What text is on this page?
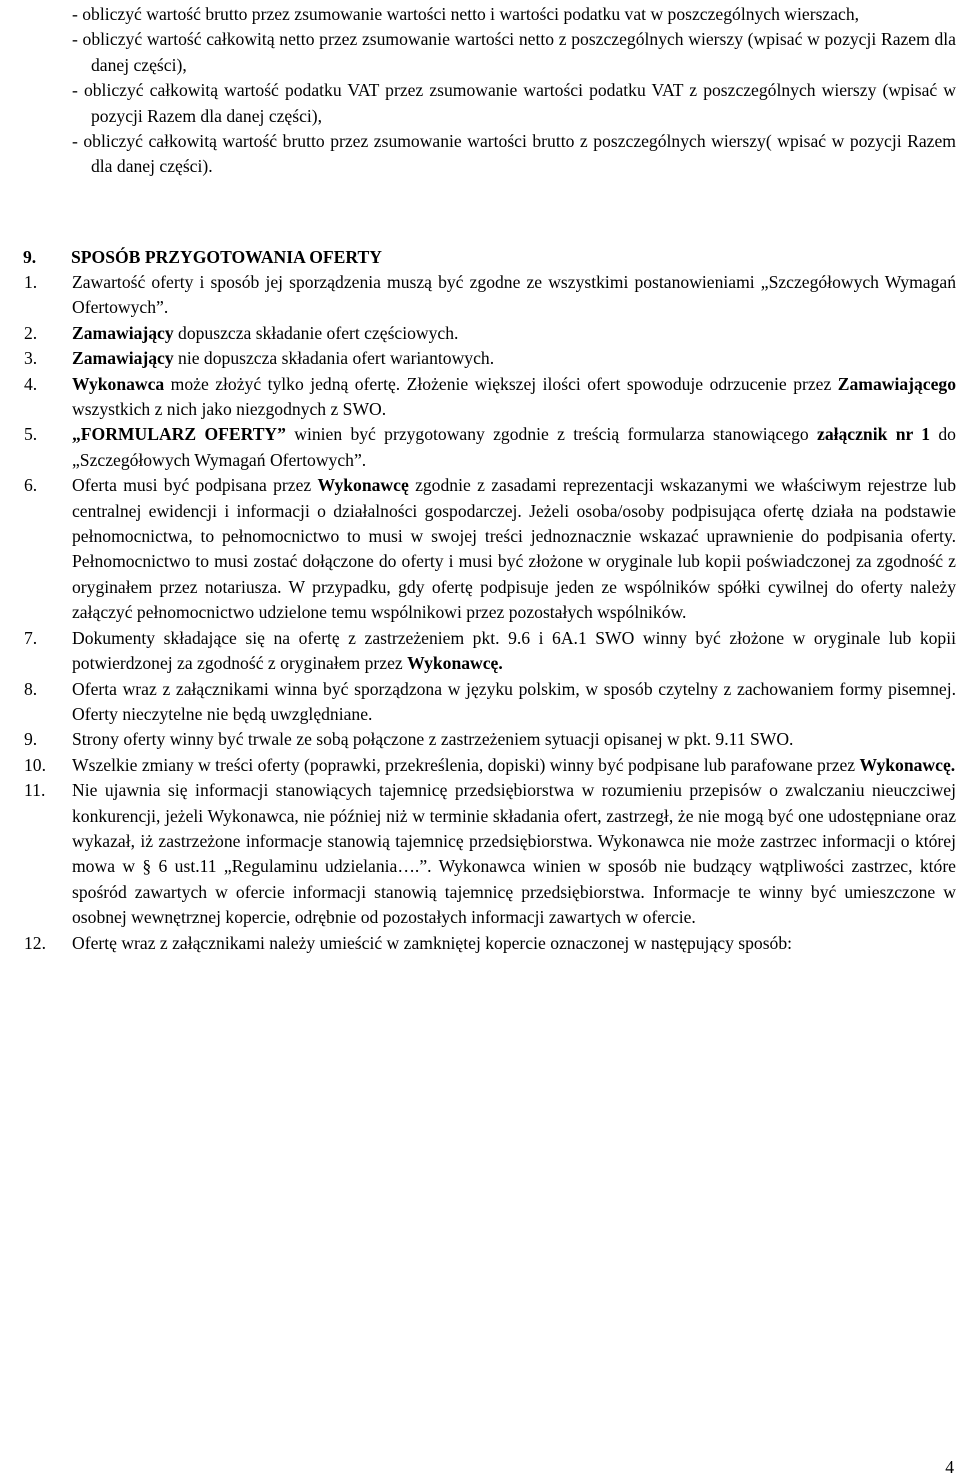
- obliczyć wartość brutto przez zsumowanie wartości netto i wartości podatku vat w poszczególnych wierszach,

- obliczyć wartość całkowitą netto przez zsumowanie wartości netto z poszczególnych wierszy (wpisać w pozycji Razem dla danej części),

- obliczyć całkowitą wartość podatku VAT przez zsumowanie wartości podatku VAT z poszczególnych wierszy (wpisać w pozycji Razem dla danej części),

- obliczyć całkowitą wartość brutto przez zsumowanie wartości brutto z poszczególnych wierszy( wpisać w pozycji Razem dla danej części).

9. SPOSÓB PRZYGOTOWANIA OFERTY

1. Zawartość oferty i sposób jej sporządzenia muszą być zgodne ze wszystkimi postanowieniami „Szczegółowych Wymagań Ofertowych”.

2. Zamawiający dopuszcza składanie ofert częściowych.

3. Zamawiający nie dopuszcza składania ofert wariantowych.

4. Wykonawca może złożyć tylko jedną ofertę. Złożenie większej ilości ofert spowoduje odrzucenie przez Zamawiającego wszystkich z nich jako niezgodnych z SWO.

5. „FORMULARZ OFERTY” winien być przygotowany zgodnie z treścią formularza stanowiącego załącznik nr 1 do „Szczegółowych Wymagań Ofertowych”.

6. Oferta musi być podpisana przez Wykonawcę zgodnie z zasadami reprezentacji wskazanymi we właściwym rejestrze lub centralnej ewidencji i informacji o działalności gospodarczej. Jeżeli osoba/osoby podpisująca ofertę działa na podstawie pełnomocnictwa, to pełnomocnictwo to musi w swojej treści jednoznacznie wskazać uprawnienie do podpisania oferty. Pełnomocnictwo to musi zostać dołączone do oferty i musi być złożone w oryginale lub kopii poświadczonej za zgodność z oryginałem przez notariusza. W przypadku, gdy ofertę podpisuje jeden ze wspólników spółki cywilnej do oferty należy załączyć pełnomocnictwo udzielone temu wspólnikowi przez pozostałych wspólników.

7. Dokumenty składające się na ofertę z zastrzeżeniem pkt. 9.6 i 6A.1 SWO winny być złożone w oryginale lub kopii potwierdzonej za zgodność z oryginałem przez Wykonawcę.

8. Oferta wraz z załącznikami winna być sporządzona w języku polskim, w sposób czytelny z zachowaniem formy pisemnej. Oferty nieczytelne nie będą uwzględniane.

9. Strony oferty winny być trwale ze sobą połączone z zastrzeżeniem sytuacji opisanej w pkt. 9.11 SWO.

10. Wszelkie zmiany w treści oferty (poprawki, przekreślenia, dopiski) winny być podpisane lub parafowane przez Wykonawcę.

11. Nie ujawnia się informacji stanowiących tajemnicę przedsiębiorstwa w rozumieniu przepisów o zwalczaniu nieuczciwej konkurencji, jeżeli Wykonawca, nie później niż w terminie składania ofert, zastrzegł, że nie mogą być one udostępniane oraz wykazał, iż zastrzeżone informacje stanowią tajemnicę przedsiębiorstwa. Wykonawca nie może zastrzec informacji o której mowa w § 6 ust.11 „Regulaminu udzielania….”. Wykonawca winien w sposób nie budzący wątpliwości zastrzec, które spośród zawartych w ofercie informacji stanowią tajemnicę przedsiębiorstwa. Informacje te winny być umieszczone w osobnej wewnętrznej kopercie, odrębnie od pozostałych informacji zawartych w ofercie.

12. Ofertę wraz z załącznikami należy umieścić w zamkniętej kopercie oznaczonej w następujący sposób:

4
